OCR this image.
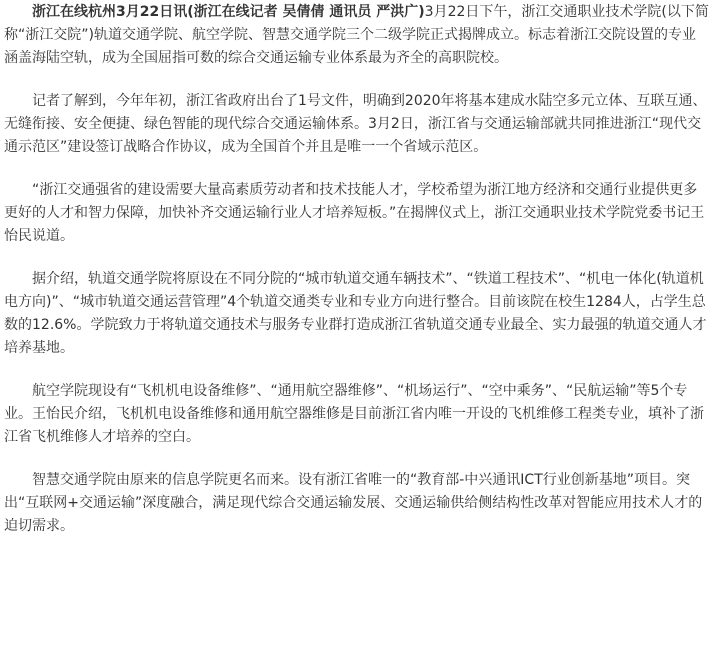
浙江在线杭州3月22日讯(浙江在线记者 吴倩倩 通讯员 严洪广)3月22日下午，浙江交通职业技术学院(以下简称“浙江交院”)轨道交通学院、航空学院、智慧交通学院三个二级学院正式揭牌成立。标志着浙江交院设置的专业涵盖海陆空轨，成为全国屈指可数的综合交通运输专业体系最为齐全的高职院校。

记者了解到，今年年初，浙江省政府出台了1号文件，明确到2020年将基本建成水陆空多元立体、互联互通、无缝衔接、安全便捷、绿色智能的现代综合交通运输体系。3月2日，浙江省与交通运输部就共同推进浙江“现代交通示范区”建设签订战略合作协议，成为全国首个并且是唯一一个省域示范区。

“浙江交通强省的建设需要大量高素质劳动者和技术技能人才，学校希望为浙江地方经济和交通行业提供更多更好的人才和智力保障，加快补齐交通运输行业人才培养短板。”在揭牌仪式上，浙江交通职业技术学院党委书记王怡民说道。

据介绍，轨道交通学院将原设在不同分院的“城市轨道交通车辆技术”、“铁道工程技术”、“机电一体化(轨道机电方向)”、“城市轨道交通运营管理”4个轨道交通类专业和专业方向进行整合。目前该院在校生1284人，占学生总数的12.6%。学院致力于将轨道交通技术与服务专业群打造成浙江省轨道交通专业最全、实力最强的轨道交通人才培养基地。

航空学院现设有“飞机机电设备维修”、“通用航空器维修”、“机场运行”、“空中乘务”、“民航运输”等5个专业。王怡民介绍，飞机机电设备维修和通用航空器维修是目前浙江省内唯一开设的飞机维修工程类专业，填补了浙江省飞机维修人才培养的空白。

智慧交通学院由原来的信息学院更名而来。设有浙江省唯一的“教育部-中兴通讯ICT行业创新基地”项目。突出“互联网+交通运输”深度融合，满足现代综合交通运输发展、交通运输供给侧结构性改革对智能应用技术人才的迫切需求。
